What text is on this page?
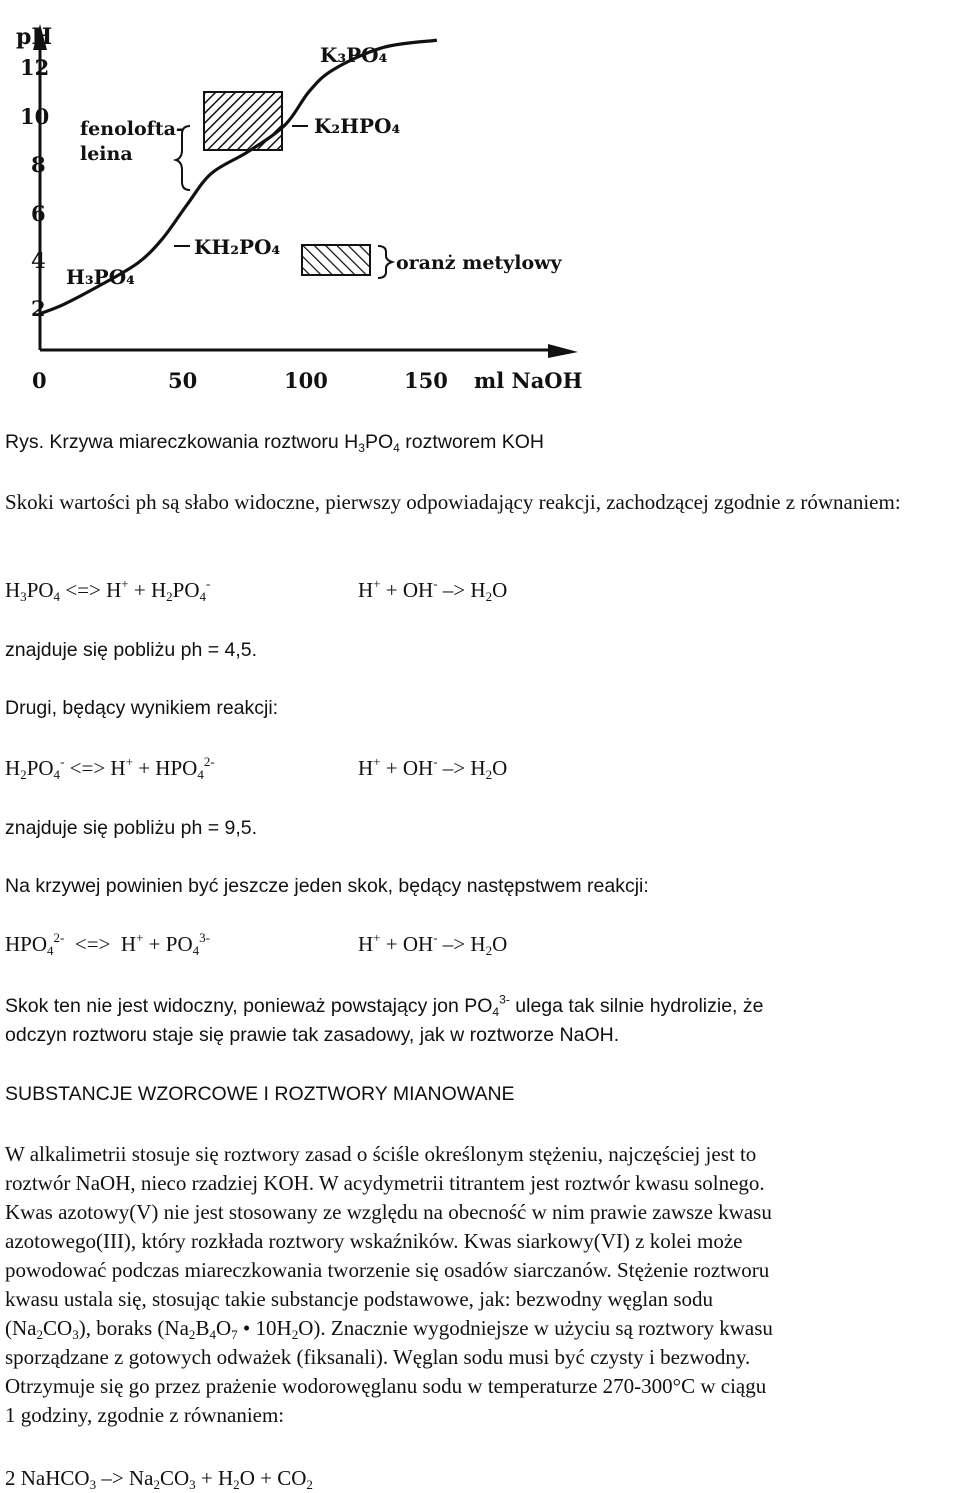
pH
12
10
8
6
4
2
0	50	100	150 ml NaOH
fenolofta-
leina
oranż metylowy
H₃PO₄
KH₂PO₄
K₂HPO₄
K₃PO₄

Rys. Krzywa miareczkowania roztworu $H_3PO_4$ roztworem KOH

Skoki wartości ph są słabo widoczne, pierwszy odpowiadający reakcji, zachodzącej zgodnie z równaniem:

$H_3PO_4$ <=> $H^+ + H_2PO_4^-$	$H^+ + OH^- -> H_2O$

znajduje się pobliżu ph = 4,5.

Drugi, będący wynikiem reakcji:

$H_2PO_4^-$ <=> $H^+ + HPO_4^{2-}$	$H^+ + OH^- -> H_2O$

znajduje się pobliżu ph = 9,5.

Na krzywej powinien być jeszcze jeden skok, będący następstwem reakcji:

$HPO_4^{2-}$  <=>  $H^+ + PO_4^{3-}$	$H^+ + OH^- -> H_2O$
Skok ten nie jest widoczny, ponieważ powstający jon $PO_4^{3-}$ ulega tak silnie hydrolizie, że
odczyn roztworu staje się prawie tak zasadowy, jak w roztworze NaOH.

SUBSTANCJE WZORCOWE I ROZTWORY MIANOWANE

W alkalimetrii stosuje się roztwory zasad o ściśle określonym stężeniu, najczęściej jest to
roztwór NaOH, nieco rzadziej KOH. W acydymetrii titrantem jest roztwór kwasu solnego.
Kwas azotowy(V) nie jest stosowany ze względu na obecność w nim prawie zawsze kwasu
azotowego(III), który rozkłada roztwory wskaźników. Kwas siarkowy(VI) z kolei może
powodować podczas miareczkowania tworzenie się osadów siarczanów. Stężenie roztworu
kwasu ustala się, stosując takie substancje podstawowe, jak: bezwodny węglan sodu
$(Na_2CO_3)$, boraks ($Na_2B_4O_7$ • $10H_2O$). Znacznie wygodniejsze w użyciu są roztwory kwasu
sporządzane z gotowych odważek (fiksanali). Węglan sodu musi być czysty i bezwodny.
Otrzymuje się go przez prażenie wodorowęglanu sodu w temperaturze 270-300°C w ciągu
1 godziny, zgodnie z równaniem:
2 NaHCO$_3$ –> $Na_2CO_3 + H_2O + CO_2$
